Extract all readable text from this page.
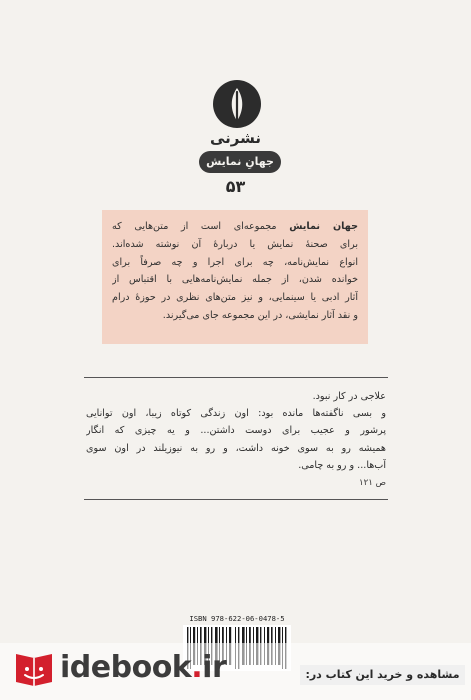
نشرنی
جهانِ نمایش
۵۳
جهان نمایش مجموعه‌ای است از متن‌هایی که
برای صحنهٔ نمایش یا دربارهٔ آن نوشته شده‌اند.
انواع نمایش‌نامه، چه برای اجرا و چه صرفاً برای
خوانده شدن، از جمله نمایش‌نامه‌هایی با اقتباس از
آثار ادبی یا سینمایی، و نیز متن‌های نظری در حوزهٔ درام
و نقد آثار نمایشی، در این مجموعه جای می‌گیرند.
علاجی در کار نبود.
و بسی ناگفته‌ها مانده بود: اون زندگی کوتاه زیبا، اون توانایی
پرشور و عجیب برای دوست داشتن... و یه چیزی که انگار
همیشه رو به سوی خونه داشت، و رو به نیوزیلند در اون سوی
آب‌ها... و رو به چامی.
ص ۱۲۱
ISBN 978-622-06-0478-5
idebook.ir	مشاهده و خرید این کتاب در:
